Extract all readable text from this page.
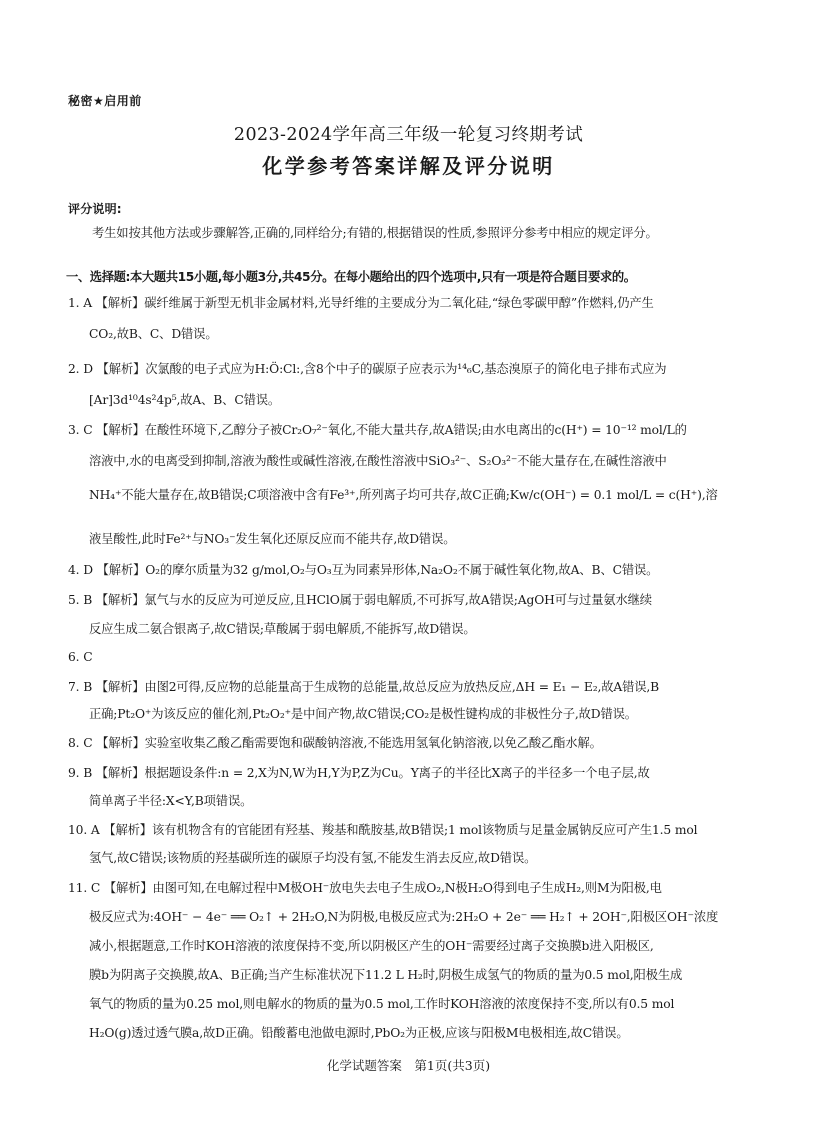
秘密★启用前
2023-2024学年高三年级一轮复习终期考试
化学参考答案详解及评分说明
评分说明:
考生如按其他方法或步骤解答,正确的,同样给分;有错的,根据错误的性质,参照评分参考中相应的规定评分。
一、选择题:本大题共15小题,每小题3分,共45分。在每小题给出的四个选项中,只有一项是符合题目要求的。
1. A 【解析】碳纤维属于新型无机非金属材料,光导纤维的主要成分为二氧化硅,“绿色零碳甲醇”作燃料,仍产生
CO₂,故B、C、D错误。
2. D 【解析】次氯酸的电子式应为H:Ö:Cl:,含8个中子的碳原子应表示为¹⁴₆C,基态溴原子的简化电子排布式应为
[Ar]3d¹⁰4s²4p⁵,故A、B、C错误。
3. C 【解析】在酸性环境下,乙醇分子被Cr₂O₇²⁻氧化,不能大量共存,故A错误;由水电离出的c(H⁺) = 10⁻¹² mol/L的
溶液中,水的电离受到抑制,溶液为酸性或碱性溶液,在酸性溶液中SiO₃²⁻、S₂O₃²⁻不能大量存在,在碱性溶液中
NH₄⁺不能大量存在,故B错误;C项溶液中含有Fe³⁺,所列离子均可共存,故C正确;Kw/c(OH⁻) = 0.1 mol/L = c(H⁺),溶
液呈酸性,此时Fe²⁺与NO₃⁻发生氧化还原反应而不能共存,故D错误。
4. D 【解析】O₂的摩尔质量为32 g/mol,O₂与O₃互为同素异形体,Na₂O₂不属于碱性氧化物,故A、B、C错误。
5. B 【解析】氯气与水的反应为可逆反应,且HClO属于弱电解质,不可拆写,故A错误;AgOH可与过量氨水继续
反应生成二氨合银离子,故C错误;草酸属于弱电解质,不能拆写,故D错误。
6. C
7. B 【解析】由图2可得,反应物的总能量高于生成物的总能量,故总反应为放热反应,ΔH = E₁ − E₂,故A错误,B
正确;Pt₂O⁺为该反应的催化剂,Pt₂O₂⁺是中间产物,故C错误;CO₂是极性键构成的非极性分子,故D错误。
8. C 【解析】实验室收集乙酸乙酯需要饱和碳酸钠溶液,不能选用氢氧化钠溶液,以免乙酸乙酯水解。
9. B 【解析】根据题设条件:n = 2,X为N,W为H,Y为P,Z为Cu。Y离子的半径比X离子的半径多一个电子层,故
简单离子半径:X<Y,B项错误。
10. A 【解析】该有机物含有的官能团有羟基、羧基和酰胺基,故B错误;1 mol该物质与足量金属钠反应可产生1.5 mol
氢气,故C错误;该物质的羟基碳所连的碳原子均没有氢,不能发生消去反应,故D错误。
11. C 【解析】由图可知,在电解过程中M极OH⁻放电失去电子生成O₂,N极H₂O得到电子生成H₂,则M为阳极,电
极反应式为:4OH⁻ − 4e⁻ ══ O₂↑ + 2H₂O,N为阴极,电极反应式为:2H₂O + 2e⁻ ══ H₂↑ + 2OH⁻,阳极区OH⁻浓度
减小,根据题意,工作时KOH溶液的浓度保持不变,所以阴极区产生的OH⁻需要经过离子交换膜b进入阳极区,
膜b为阴离子交换膜,故A、B正确;当产生标准状况下11.2 L H₂时,阴极生成氢气的物质的量为0.5 mol,阳极生成
氧气的物质的量为0.25 mol,则电解水的物质的量为0.5 mol,工作时KOH溶液的浓度保持不变,所以有0.5 mol
H₂O(g)透过透气膜a,故D正确。铅酸蓄电池做电源时,PbO₂为正极,应该与阳极M电极相连,故C错误。
化学试题答案　第1页(共3页)
